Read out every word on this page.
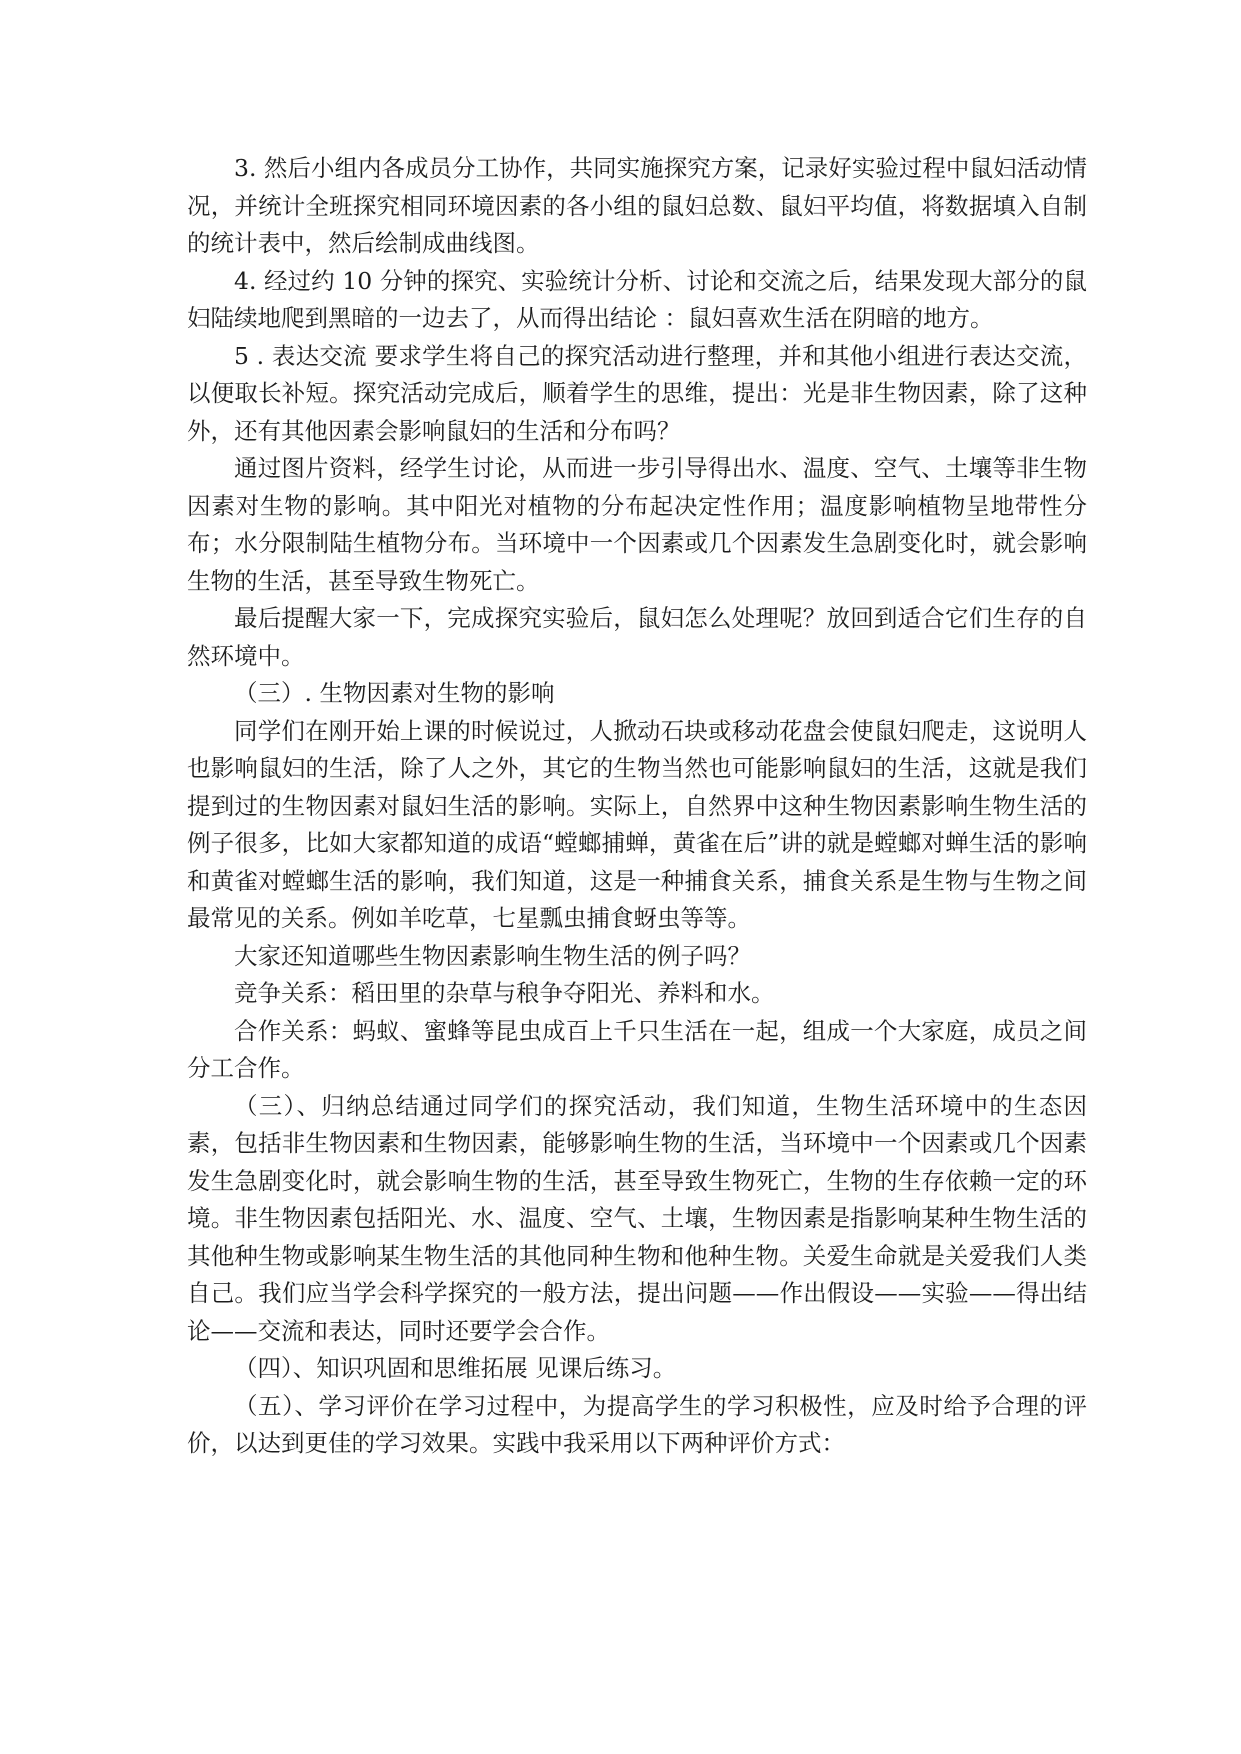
3. 然后小组内各成员分工协作，共同实施探究方案，记录好实验过程中鼠妇活动情况，并统计全班探究相同环境因素的各小组的鼠妇总数、鼠妇平均值，将数据填入自制的统计表中，然后绘制成曲线图。

4. 经过约 10 分钟的探究、实验统计分析、讨论和交流之后，结果发现大部分的鼠妇陆续地爬到黑暗的一边去了，从而得出结论 ：鼠妇喜欢生活在阴暗的地方。

5 . 表达交流 要求学生将自己的探究活动进行整理，并和其他小组进行表达交流，以便取长补短。探究活动完成后，顺着学生的思维，提出：光是非生物因素，除了这种外，还有其他因素会影响鼠妇的生活和分布吗？

通过图片资料，经学生讨论，从而进一步引导得出水、温度、空气、土壤等非生物因素对生物的影响。其中阳光对植物的分布起决定性作用；温度影响植物呈地带性分布；水分限制陆生植物分布。当环境中一个因素或几个因素发生急剧变化时，就会影响生物的生活，甚至导致生物死亡。

最后提醒大家一下，完成探究实验后，鼠妇怎么处理呢？放回到适合它们生存的自然环境中。

（三）. 生物因素对生物的影响

同学们在刚开始上课的时候说过，人掀动石块或移动花盘会使鼠妇爬走，这说明人也影响鼠妇的生活，除了人之外，其它的生物当然也可能影响鼠妇的生活，这就是我们提到过的生物因素对鼠妇生活的影响。实际上，自然界中这种生物因素影响生物生活的例子很多，比如大家都知道的成语“螳螂捕蝉，黄雀在后”讲的就是螳螂对蝉生活的影响和黄雀对螳螂生活的影响，我们知道，这是一种捕食关系，捕食关系是生物与生物之间最常见的关系。例如羊吃草，七星瓢虫捕食蚜虫等等。

大家还知道哪些生物因素影响生物生活的例子吗？

竞争关系：稻田里的杂草与稂争夺阳光、养料和水。

合作关系：蚂蚁、蜜蜂等昆虫成百上千只生活在一起，组成一个大家庭，成员之间分工合作。

（三）、归纳总结通过同学们的探究活动，我们知道，生物生活环境中的生态因素，包括非生物因素和生物因素，能够影响生物的生活，当环境中一个因素或几个因素发生急剧变化时，就会影响生物的生活，甚至导致生物死亡，生物的生存依赖一定的环境。非生物因素包括阳光、水、温度、空气、土壤，生物因素是指影响某种生物生活的其他种生物或影响某生物生活的其他同种生物和他种生物。关爱生命就是关爱我们人类自己。我们应当学会科学探究的一般方法，提出问题——作出假设——实验——得出结论——交流和表达，同时还要学会合作。

（四）、知识巩固和思维拓展 见课后练习。

（五）、学习评价在学习过程中，为提高学生的学习积极性，应及时给予合理的评价，以达到更佳的学习效果。实践中我采用以下两种评价方式：
